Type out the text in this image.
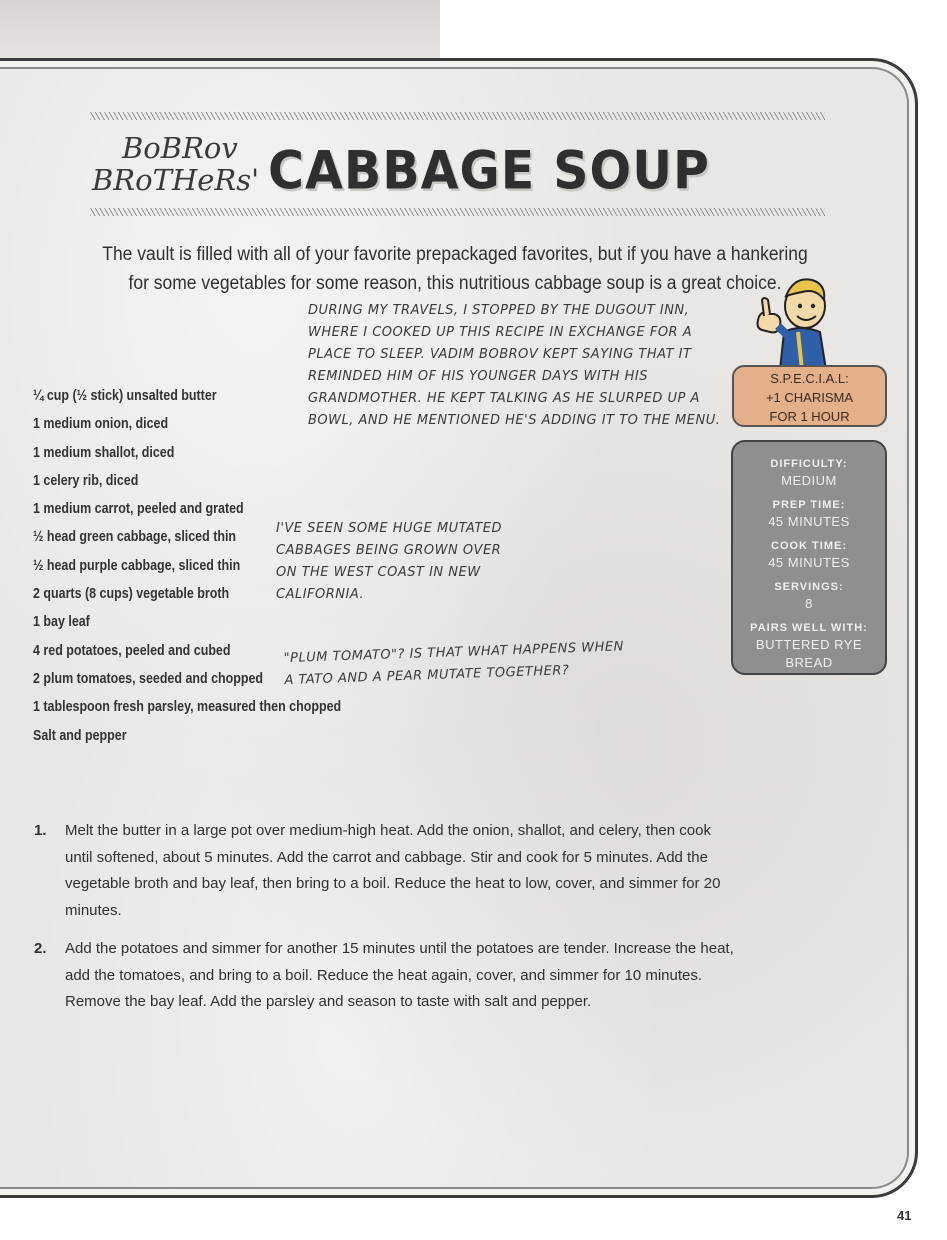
BoBRov
BRoTHeRs' CABBAGE SOUP

The vault is filled with all of your favorite prepackaged favorites, but if you have a hankering for some vegetables for some reason, this nutritious cabbage soup is a great choice.

DURING MY TRAVELS, I STOPPED BY THE DUGOUT INN, WHERE I COOKED UP THIS RECIPE IN EXCHANGE FOR A PLACE TO SLEEP. VADIM BOBROV KEPT SAYING THAT IT REMINDED HIM OF HIS YOUNGER DAYS WITH HIS GRANDMOTHER. HE KEPT TALKING AS HE SLURPED UP A BOWL, AND HE MENTIONED HE'S ADDING IT TO THE MENU.

I'VE SEEN SOME HUGE MUTATED CABBAGES BEING GROWN OVER ON THE WEST COAST IN NEW CALIFORNIA.

"PLUM TOMATO"? IS THAT WHAT HAPPENS WHEN A TATO AND A PEAR MUTATE TOGETHER?

¼ cup (½ stick) unsalted butter
1 medium onion, diced
1 medium shallot, diced
1 celery rib, diced
1 medium carrot, peeled and grated
½ head green cabbage, sliced thin
½ head purple cabbage, sliced thin
2 quarts (8 cups) vegetable broth
1 bay leaf
4 red potatoes, peeled and cubed
2 plum tomatoes, seeded and chopped
1 tablespoon fresh parsley, measured then chopped
Salt and pepper
S.P.E.C.I.A.L:
+1 CHARISMA
FOR 1 HOUR
DIFFICULTY:
MEDIUM
PREP TIME:
45 MINUTES
COOK TIME:
45 MINUTES
SERVINGS:
8
PAIRS WELL WITH:
BUTTERED RYE BREAD
1. Melt the butter in a large pot over medium-high heat. Add the onion, shallot, and celery, then cook until softened, about 5 minutes. Add the carrot and cabbage. Stir and cook for 5 minutes. Add the vegetable broth and bay leaf, then bring to a boil. Reduce the heat to low, cover, and simmer for 20 minutes.
2. Add the potatoes and simmer for another 15 minutes until the potatoes are tender. Increase the heat, add the tomatoes, and bring to a boil. Reduce the heat again, cover, and simmer for 10 minutes. Remove the bay leaf. Add the parsley and season to taste with salt and pepper.
41
